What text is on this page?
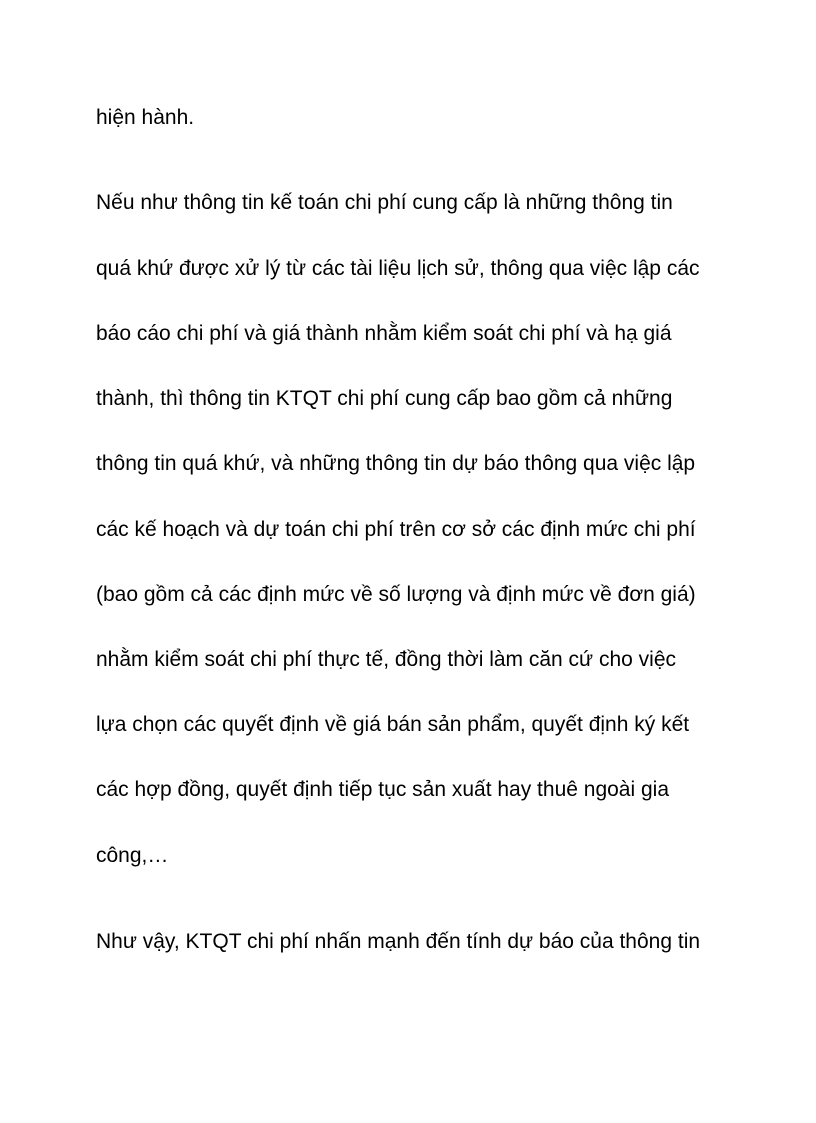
hiện hành.

Nếu như thông tin kế toán chi phí cung cấp là những thông tin

quá khứ được xử lý từ các tài liệu lịch sử, thông qua việc lập các

báo cáo chi phí và giá thành nhằm kiểm soát chi phí và hạ giá

thành, thì thông tin KTQT chi phí cung cấp bao gồm cả những

thông tin quá khứ, và những thông tin dự báo thông qua việc lập

các kế hoạch và dự toán chi phí trên cơ sở các định mức chi phí

(bao gồm cả các định mức về số lượng và định mức về đơn giá)

nhằm kiểm soát chi phí thực tế, đồng thời làm căn cứ cho việc

lựa chọn các quyết định về giá bán sản phẩm, quyết định ký kết

các hợp đồng, quyết định tiếp tục sản xuất hay thuê ngoài gia

công,…

Như vậy, KTQT chi phí nhấn mạnh đến tính dự báo của thông tin
